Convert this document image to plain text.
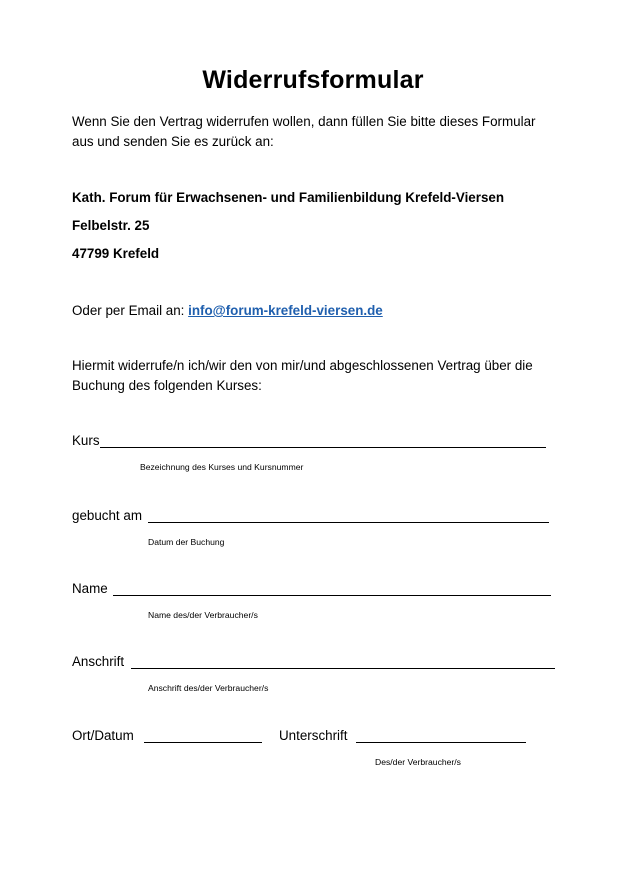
Widerrufsformular
Wenn Sie den Vertrag widerrufen wollen, dann füllen Sie bitte dieses Formular
aus und senden Sie es zurück an:
Kath. Forum für Erwachsenen- und Familienbildung Krefeld-Viersen
Felbelstr. 25
47799 Krefeld
Oder per Email an: info@forum-krefeld-viersen.de
Hiermit widerrufe/n ich/wir den von mir/und abgeschlossenen Vertrag über die
Buchung des folgenden Kurses:
Kurs
Bezeichnung des Kurses und Kursnummer
gebucht am
Datum der Buchung
Name
Name des/der Verbraucher/s
Anschrift
Anschrift des/der Verbraucher/s
Ort/Datum	Unterschrift
Des/der Verbraucher/s
